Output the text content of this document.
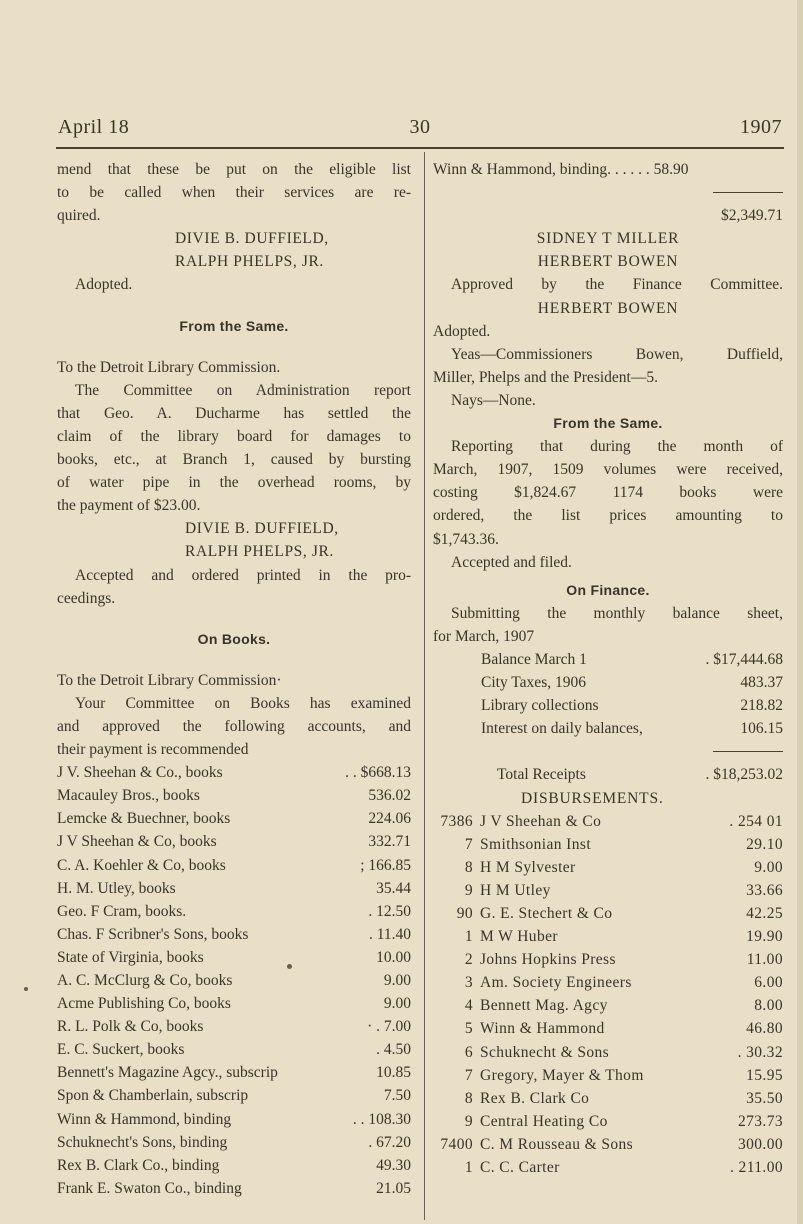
April 18	30	1907
mend that these be put on the eligible list
to be called when their services are re-
quired.
DIVIE B. DUFFIELD,
RALPH PHELPS, JR.
Adopted.
From the Same.
To the Detroit Library Commission.
The Committee on Administration report
that Geo. A. Ducharme has settled the
claim of the library board for damages to
books, etc., at Branch 1, caused by bursting
of water pipe in the overhead rooms, by
the payment of $23.00.
DIVIE B. DUFFIELD,
RALPH PHELPS, JR.
Accepted and ordered printed in the pro-
ceedings.
On Books.
To the Detroit Library Commission·
Your Committee on Books has examined
and approved the following accounts, and
their payment is recommended
J V. Sheehan & Co., books	. . $668.13
Macauley Bros., books	536.02
Lemcke & Buechner, books	224.06
J V Sheehan & Co, books	332.71
C. A. Koehler & Co, books	; 166.85
H. M. Utley, books	35.44
Geo. F Cram, books.	. 12.50
Chas. F Scribner's Sons, books	. 11.40
State of Virginia, books	10.00
A. C. McClurg & Co, books	9.00
Acme Publishing Co, books	9.00
R. L. Polk & Co, books	· . 7.00
E. C. Suckert, books	. 4.50
Bennett's Magazine Agcy., subscrip	10.85
Spon & Chamberlain, subscrip	7.50
Winn & Hammond, binding	. . 108.30
Schuknecht's Sons, binding	. 67.20
Rex B. Clark Co., binding	49.30
Frank E. Swaton Co., binding	21.05
Winn & Hammond, binding. . . . . . 58.90
$2,349.71
SIDNEY T MILLER
HERBERT BOWEN
Approved by the Finance Committee.
HERBERT BOWEN
Adopted.
Yeas—Commissioners Bowen, Duffield,
Miller, Phelps and the President—5.
Nays—None.
From the Same.
Reporting that during the month of
March, 1907, 1509 volumes were received,
costing $1,824.67 1174 books were
ordered, the list prices amounting to
$1,743.36.
Accepted and filed.
On Finance.
Submitting the monthly balance sheet,
for March, 1907
Balance March 1	. $17,444.68
City Taxes, 1906	483.37
Library collections	218.82
Interest on daily balances,	106.15
Total Receipts	. $18,253.02
DISBURSEMENTS.
7386 J V Sheehan & Co	. 254 01
7 Smithsonian Inst	29.10
8 H M Sylvester	9.00
9 H M Utley	33.66
90 G. E. Stechert & Co	42.25
1 M W Huber	19.90
2 Johns Hopkins Press	11.00
3 Am. Society Engineers	6.00
4 Bennett Mag. Agcy	8.00
5 Winn & Hammond	46.80
6 Schuknecht & Sons	. 30.32
7 Gregory, Mayer & Thom	15.95
8 Rex B. Clark Co	35.50
9 Central Heating Co	273.73
7400 C. M Rousseau & Sons	300.00
1 C. C. Carter	. 211.00
